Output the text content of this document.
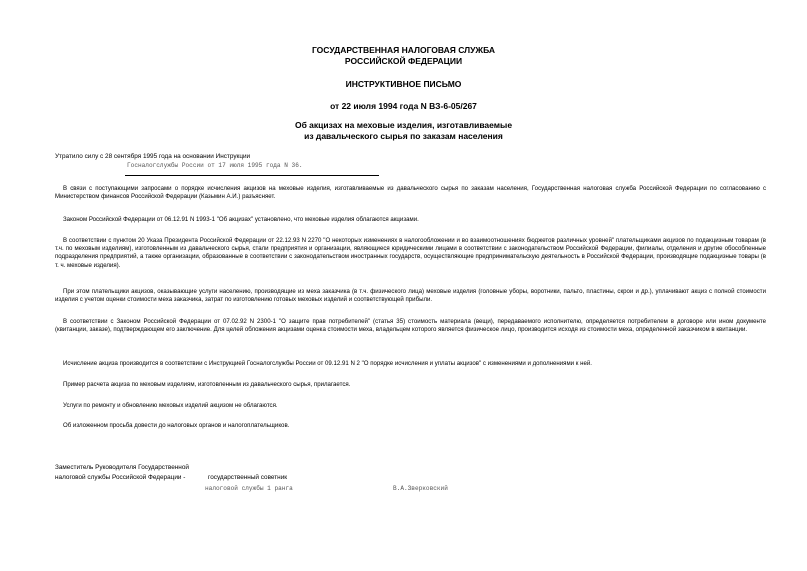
ГОСУДАРСТВЕННАЯ НАЛОГОВАЯ СЛУЖБА
РОССИЙСКОЙ ФЕДЕРАЦИИ
ИНСТРУКТИВНОЕ ПИСЬМО
от 22 июля 1994 года N ВЗ-6-05/267
Об акцизах на меховые изделия, изготавливаемые
из давальческого сырья по заказам населения
Утратило силу с 28 сентября 1995 года на основании Инструкции
Госналогслужбы России от 17 июля 1995 года N 36.
В связи с поступающими запросами о порядке исчисления акцизов на меховые изделия, изготавливаемые из давальческого сырья по заказам населения, Государственная налоговая служба Российской Федерации по согласованию с Министерством финансов Российской Федерации (Казьмин А.И.) разъясняет.
Законом Российской Федерации от 06.12.91 N 1993-1 "Об акцизах" установлено, что меховые изделия облагаются акцизами.
В соответствии с пунктом 20 Указа Президента Российской Федерации от 22.12.93 N 2270 "О некоторых изменениях в налогообложении и во взаимоотношениях бюджетов различных уровней" плательщиками акцизов по подакцизным товарам (в т.ч. по меховым изделиям), изготовленным из давальческого сырья, стали предприятия и организации, являющиеся юридическими лицами в соответствии с законодательством Российской Федерации, филиалы, отделения и другие обособленные подразделения предприятий, а также организации, образованные в соответствии с законодательством иностранных государств, осуществляющие предпринимательскую деятельность в Российской Федерации, производящие подакцизные товары (в т. ч. меховые изделия).
При этом плательщики акцизов, оказывающие услуги населению, производящие из меха заказчика (в т.ч. физического лица) меховые изделия (головные уборы, воротники, пальто, пластины, скрои и др.), уплачивают акциз с полной стоимости изделия с учетом оценки стоимости меха заказчика, затрат по изготовлению готовых меховых изделий и соответствующей прибыли.
В соответствии с Законом Российской Федерации от 07.02.92 N 2300-1 "О защите прав потребителей" (статья 35) стоимость материала (вещи), передаваемого исполнителю, определяется потребителем в договоре или ином документе (квитанции, заказе), подтверждающем его заключение. Для целей обложения акцизами оценка стоимости меха, владельцем которого является физическое лицо, производится исходя из стоимости меха, определенной заказчиком в квитанции.
Исчисление акциза производится в соответствии с Инструкцией Госналогслужбы России от 09.12.91 N 2 "О порядке исчисления и уплаты акцизов" с изменениями и дополнениями к ней.
Пример расчета акциза по меховым изделиям, изготовленным из давальческого сырья, прилагается.
Услуги по ремонту и обновлению меховых изделий акцизом не облагаются.
Об изложенном просьба довести до налоговых органов и налогоплательщиков.
Заместитель Руководителя Государственной
налоговой службы Российской Федерации -	государственный советник
налоговой службы 1 ранга	В.А.Зверковский
